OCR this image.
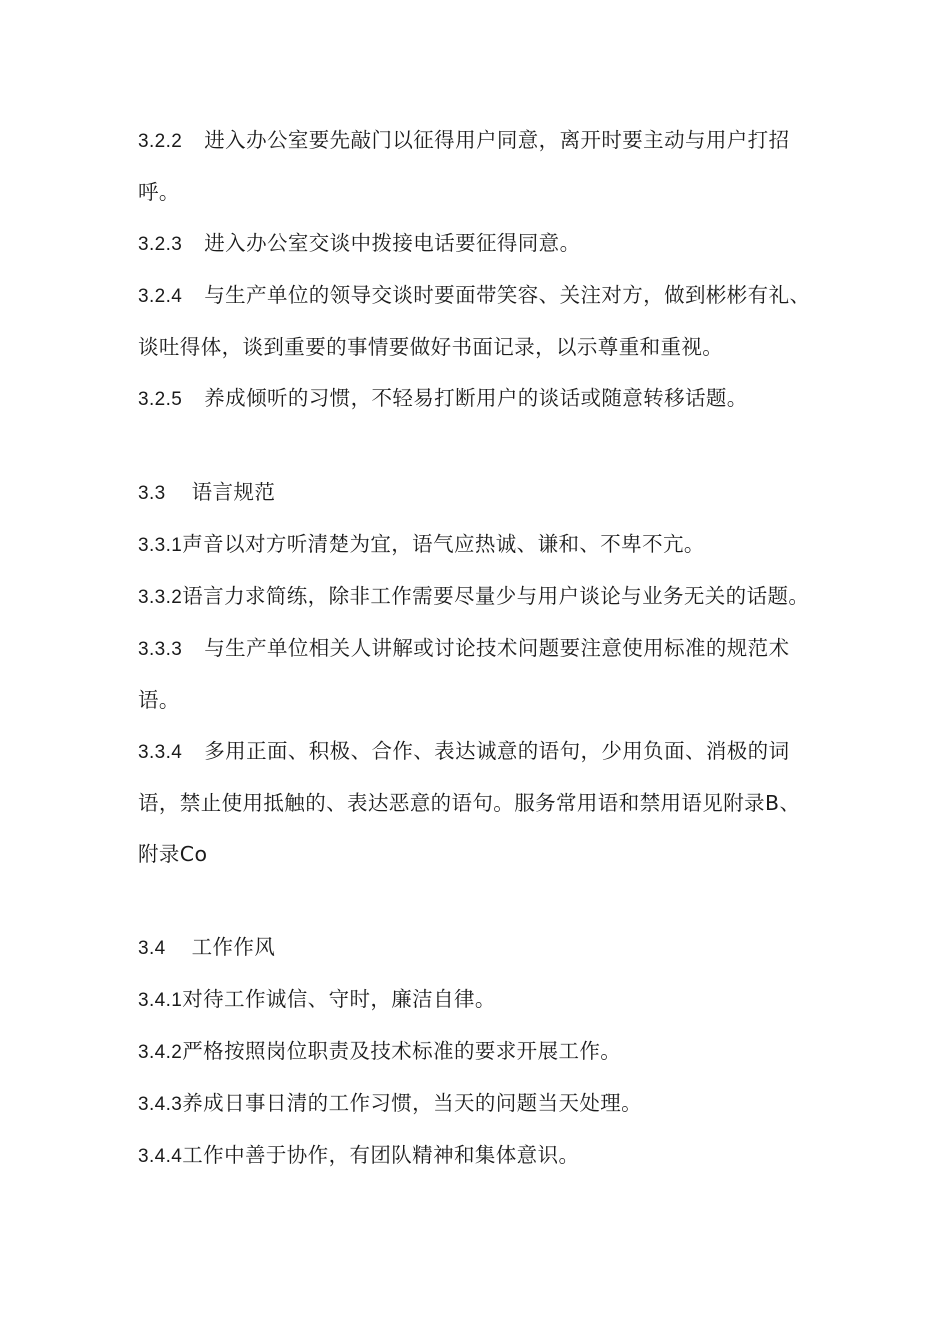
3.2.2 进入办公室要先敲门以征得用户同意，离开时要主动与用户打招呼。

3.2.3 进入办公室交谈中拨接电话要征得同意。

3.2.4 与生产单位的领导交谈时要面带笑容、关注对方，做到彬彬有礼、谈吐得体，谈到重要的事情要做好书面记录，以示尊重和重视。

3.2.5 养成倾听的习惯，不轻易打断用户的谈话或随意转移话题。

3.3 语言规范

3.3.1声音以对方听清楚为宜，语气应热诚、谦和、不卑不亢。

3.3.2语言力求简练，除非工作需要尽量少与用户谈论与业务无关的话题。

3.3.3 与生产单位相关人讲解或讨论技术问题要注意使用标准的规范术语。

3.3.4 多用正面、积极、合作、表达诚意的语句，少用负面、消极的词语，禁止使用抵触的、表达恶意的语句。服务常用语和禁用语见附录B、附录Co

3.4 工作作风

3.4.1对待工作诚信、守时，廉洁自律。

3.4.2严格按照岗位职责及技术标准的要求开展工作。

3.4.3养成日事日清的工作习惯，当天的问题当天处理。

3.4.4工作中善于协作，有团队精神和集体意识。
